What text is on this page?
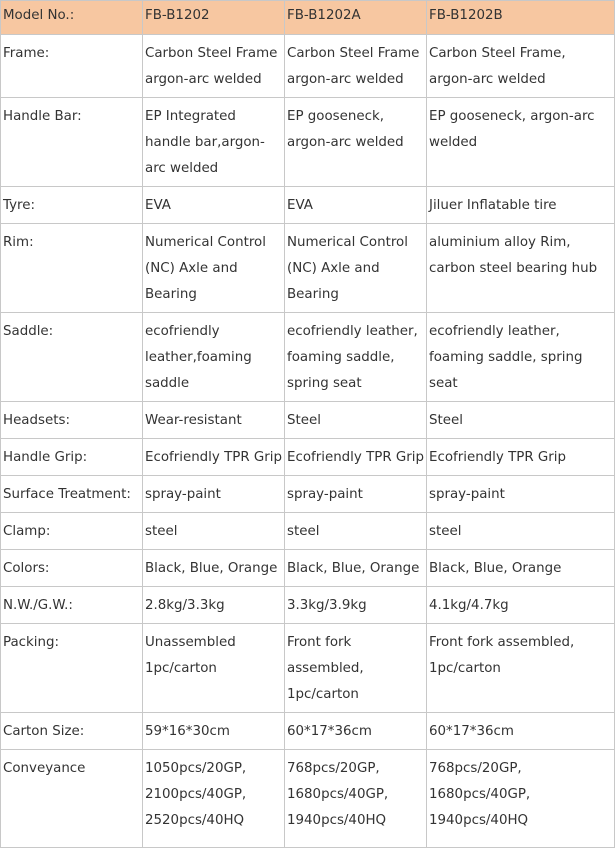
Model No.:	FB-B1202	FB-B1202A	FB-B1202B

Frame:	Carbon Steel Frame argon-arc welded	Carbon Steel Frame argon-arc welded	Carbon Steel Frame, argon-arc welded

Handle Bar:	EP Integrated handle bar,argon-arc welded	EP gooseneck, argon-arc welded	EP gooseneck, argon-arc welded

Tyre:	EVA	EVA	Jiluer Inflatable tire

Rim:	Numerical Control (NC) Axle and Bearing	Numerical Control (NC) Axle and Bearing	aluminium alloy Rim, carbon steel bearing hub

Saddle:	ecofriendly leather,foaming saddle	ecofriendly leather, foaming saddle, spring seat	ecofriendly leather, foaming saddle, spring seat

Headsets:	Wear-resistant	Steel	Steel

Handle Grip:	Ecofriendly TPR Grip	Ecofriendly TPR Grip	Ecofriendly TPR Grip

Surface Treatment:	spray-paint	spray-paint	spray-paint

Clamp:	steel	steel	steel

Colors:	Black, Blue, Orange	Black, Blue, Orange	Black, Blue, Orange

N.W./G.W.:	2.8kg/3.3kg	3.3kg/3.9kg	4.1kg/4.7kg

Packing:	Unassembled 1pc/carton	Front fork assembled, 1pc/carton	Front fork assembled, 1pc/carton

Carton Size:	59*16*30cm	60*17*36cm	60*17*36cm

Conveyance	1050pcs/20GP, 2100pcs/40GP, 2520pcs/40HQ	768pcs/20GP, 1680pcs/40GP, 1940pcs/40HQ	768pcs/20GP, 1680pcs/40GP, 1940pcs/40HQ
